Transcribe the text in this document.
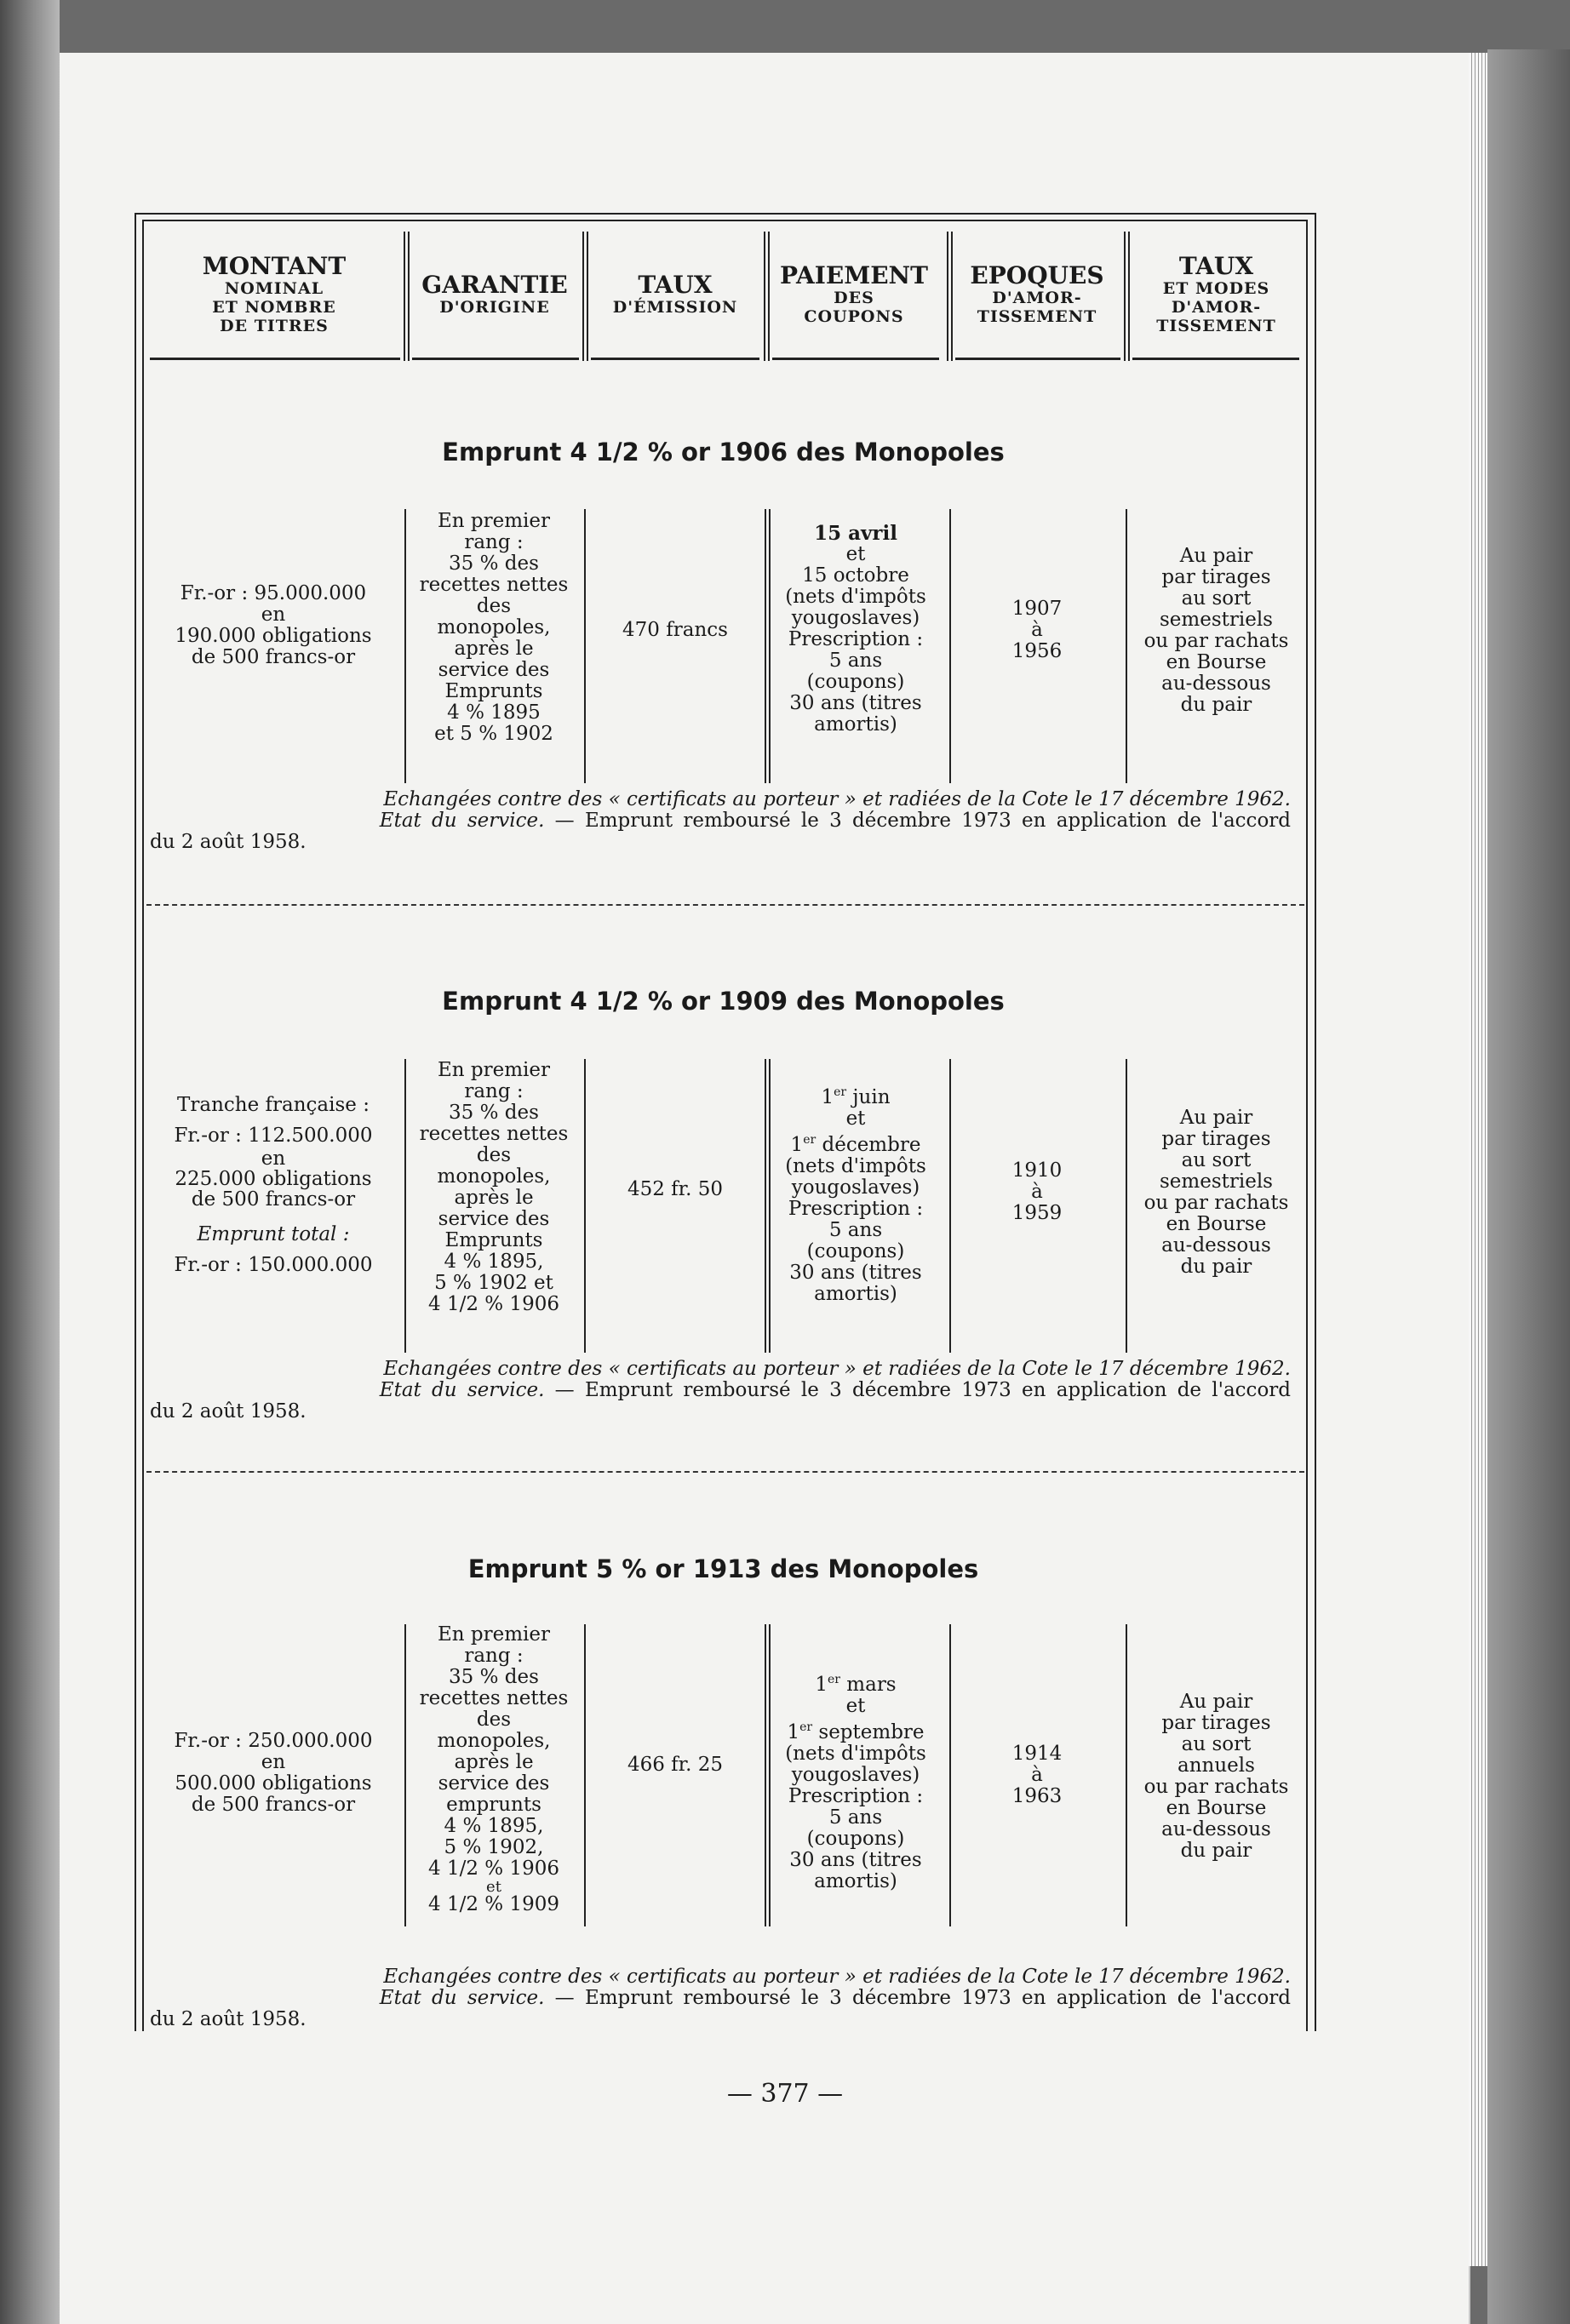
MONTANT
NOMINAL
ET NOMBRE
DE TITRES
GARANTIE
D'ORIGINE
TAUX
D'ÉMISSION
PAIEMENT
DES
COUPONS
EPOQUES
D'AMOR-
TISSEMENT
TAUX
ET MODES
D'AMOR-
TISSEMENT
Emprunt 4 1/2 % or 1906 des Monopoles
Fr.-or : 95.000.000
en
190.000 obligations
de 500 francs-or
En premier
rang :
35 % des
recettes nettes
des
monopoles,
après le
service des
Emprunts
4 % 1895
et 5 % 1902
470 francs
15 avril
et
15 octobre
(nets d'impôts
yougoslaves)
Prescription :
5 ans
(coupons)
30 ans (titres
amortis)
1907
à
1956
Au pair
par tirages
au sort
semestriels
ou par rachats
en Bourse
au-dessous
du pair
Echangées contre des « certificats au porteur » et radiées de la Cote le 17 décembre 1962.
Etat du service. — Emprunt remboursé le 3 décembre 1973 en application de l'accord
du 2 août 1958.
Emprunt 4 1/2 % or 1909 des Monopoles
Tranche française :
Fr.-or : 112.500.000
en
225.000 obligations
de 500 francs-or
Emprunt total :
Fr.-or : 150.000.000
En premier
rang :
35 % des
recettes nettes
des
monopoles,
après le
service des
Emprunts
4 % 1895,
5 % 1902 et
4 1/2 % 1906
452 fr. 50
1er juin
et
1er décembre
(nets d'impôts
yougoslaves)
Prescription :
5 ans
(coupons)
30 ans (titres
amortis)
1910
à
1959
Au pair
par tirages
au sort
semestriels
ou par rachats
en Bourse
au-dessous
du pair
Echangées contre des « certificats au porteur » et radiées de la Cote le 17 décembre 1962.
Etat du service. — Emprunt remboursé le 3 décembre 1973 en application de l'accord
du 2 août 1958.
Emprunt 5 % or 1913 des Monopoles
Fr.-or : 250.000.000
en
500.000 obligations
de 500 francs-or
En premier
rang :
35 % des
recettes nettes
des
monopoles,
après le
service des
emprunts
4 % 1895,
5 % 1902,
4 1/2 % 1906
et
4 1/2 % 1909
466 fr. 25
1er mars
et
1er septembre
(nets d'impôts
yougoslaves)
Prescription :
5 ans
(coupons)
30 ans (titres
amortis)
1914
à
1963
Au pair
par tirages
au sort
annuels
ou par rachats
en Bourse
au-dessous
du pair
Echangées contre des « certificats au porteur » et radiées de la Cote le 17 décembre 1962.
Etat du service. — Emprunt remboursé le 3 décembre 1973 en application de l'accord
du 2 août 1958.
— 377 —
